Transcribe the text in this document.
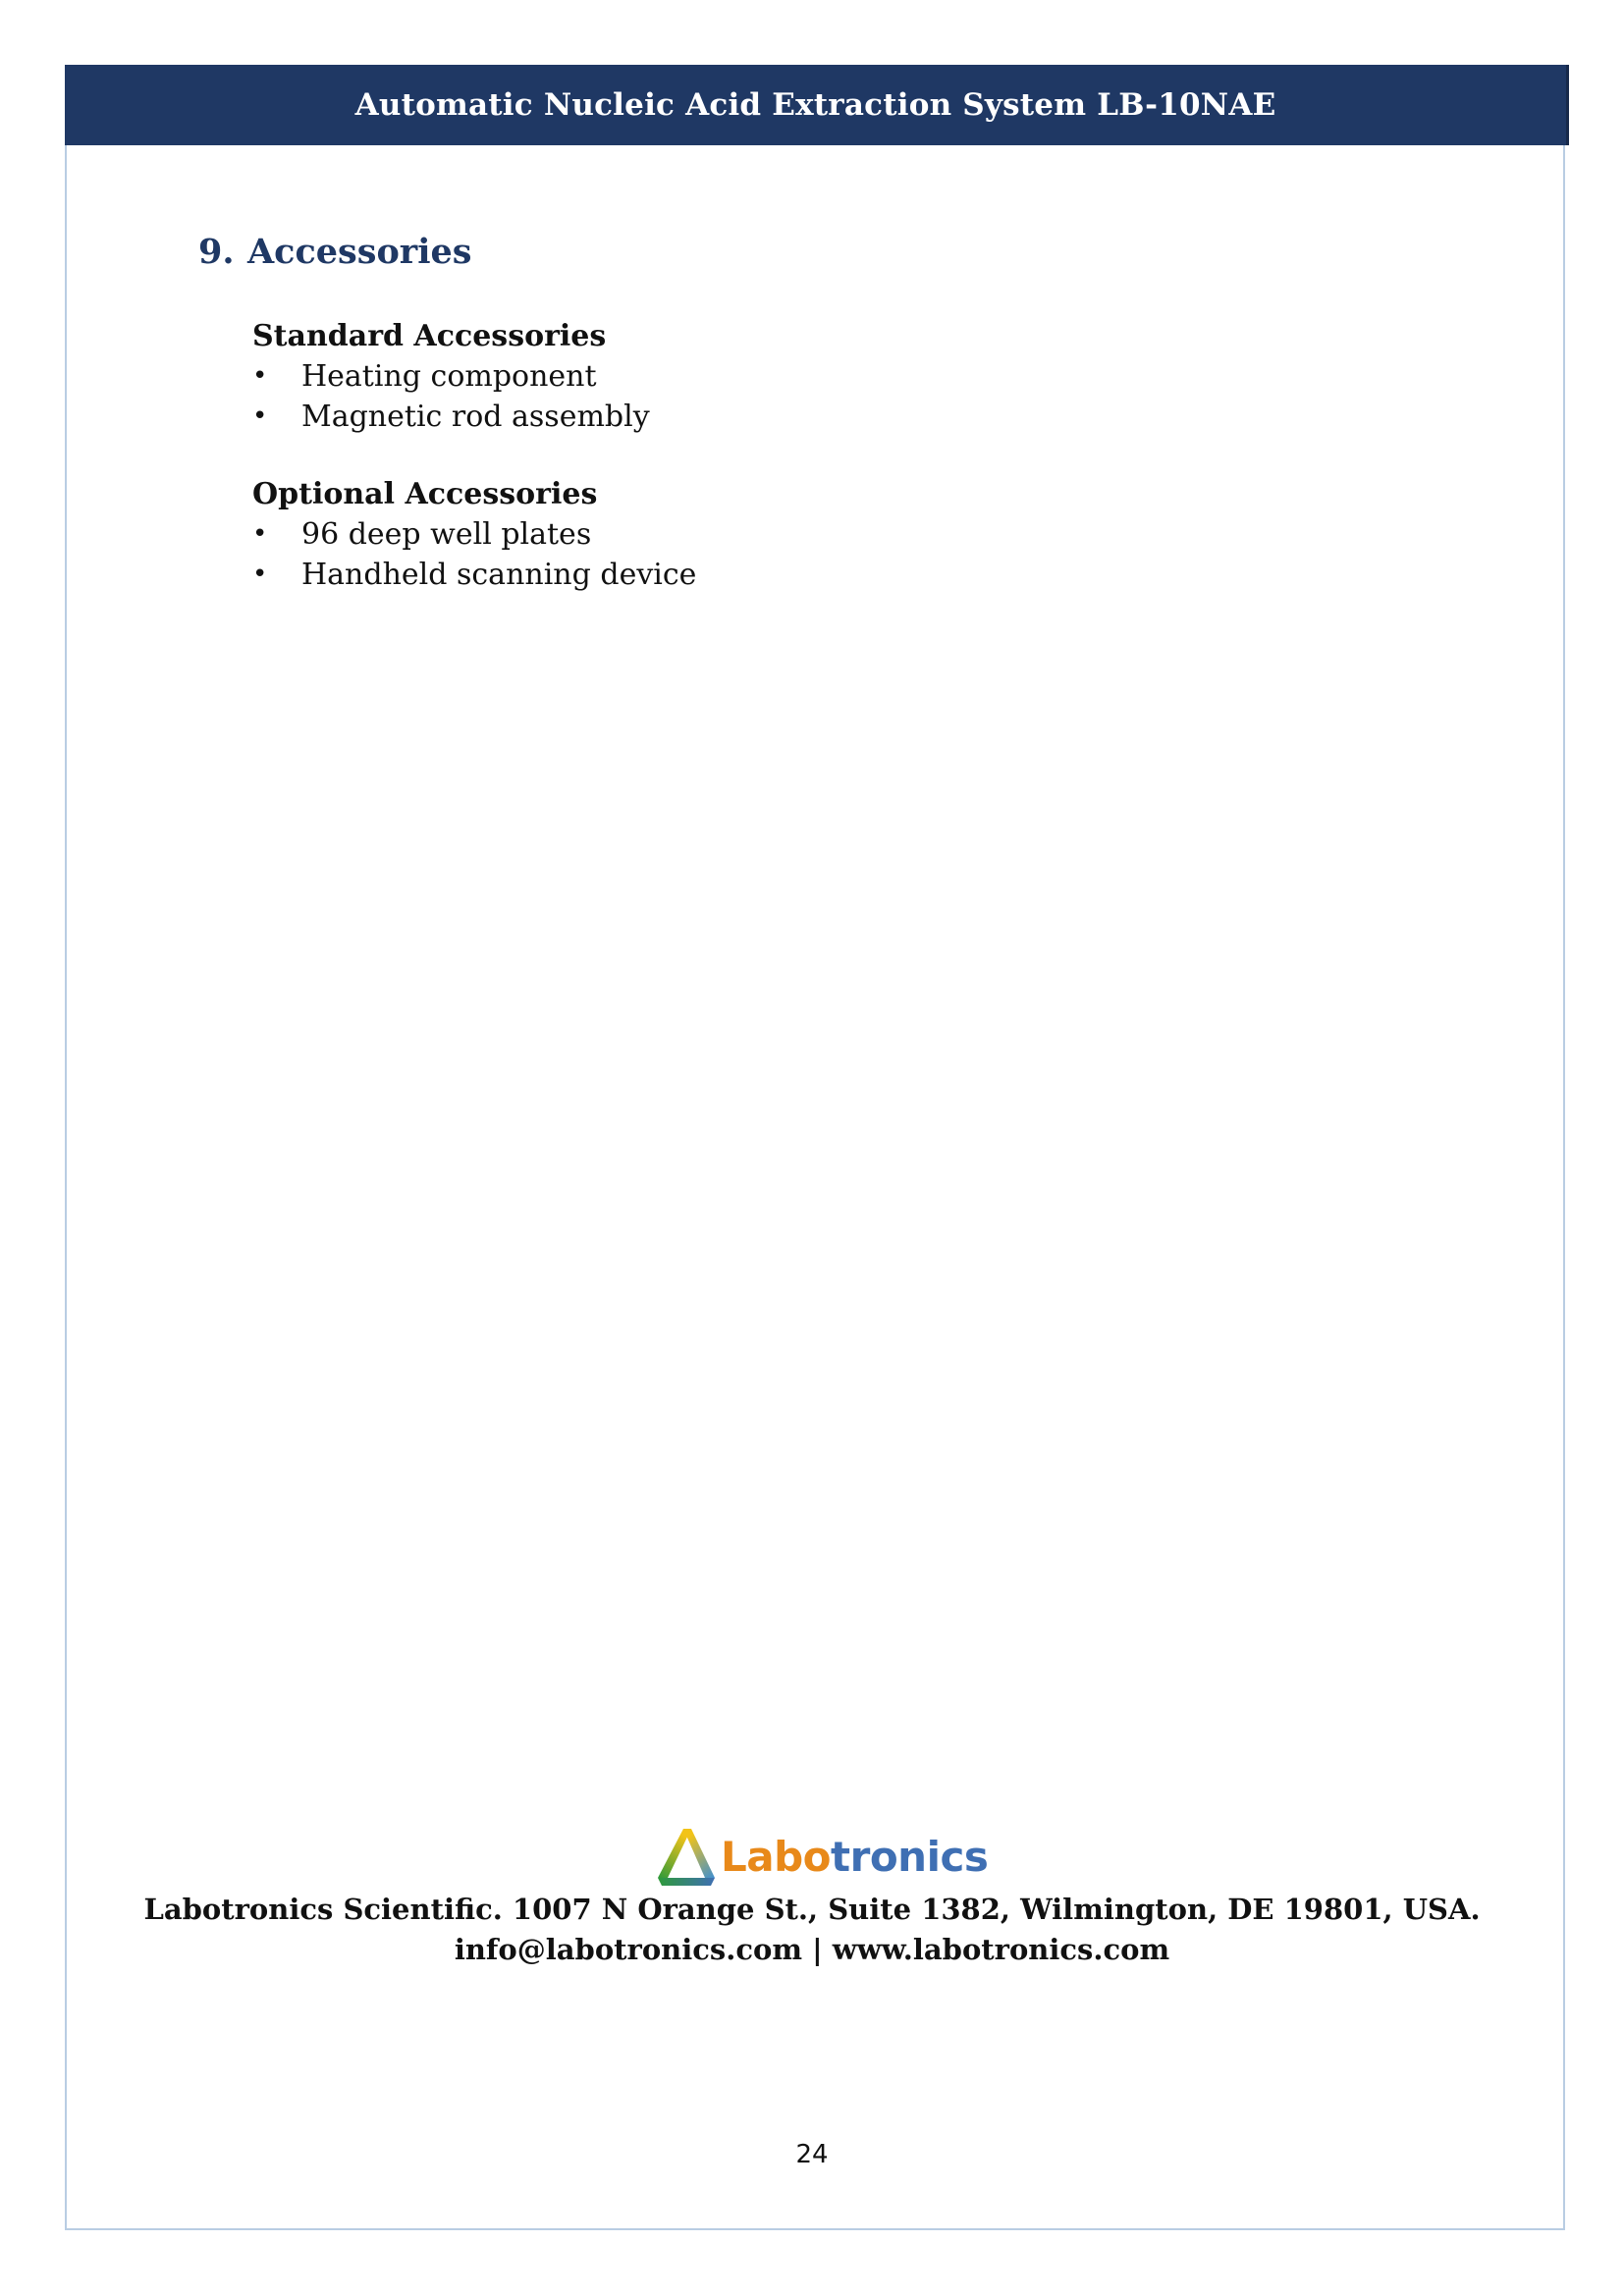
Automatic Nucleic Acid Extraction System LB-10NAE
9. Accessories
Standard Accessories
• Heating component
• Magnetic rod assembly
Optional Accessories
• 96 deep well plates
• Handheld scanning device
Labotronics
Labotronics Scientific. 1007 N Orange St., Suite 1382, Wilmington, DE 19801, USA.
info@labotronics.com | www.labotronics.com
24
